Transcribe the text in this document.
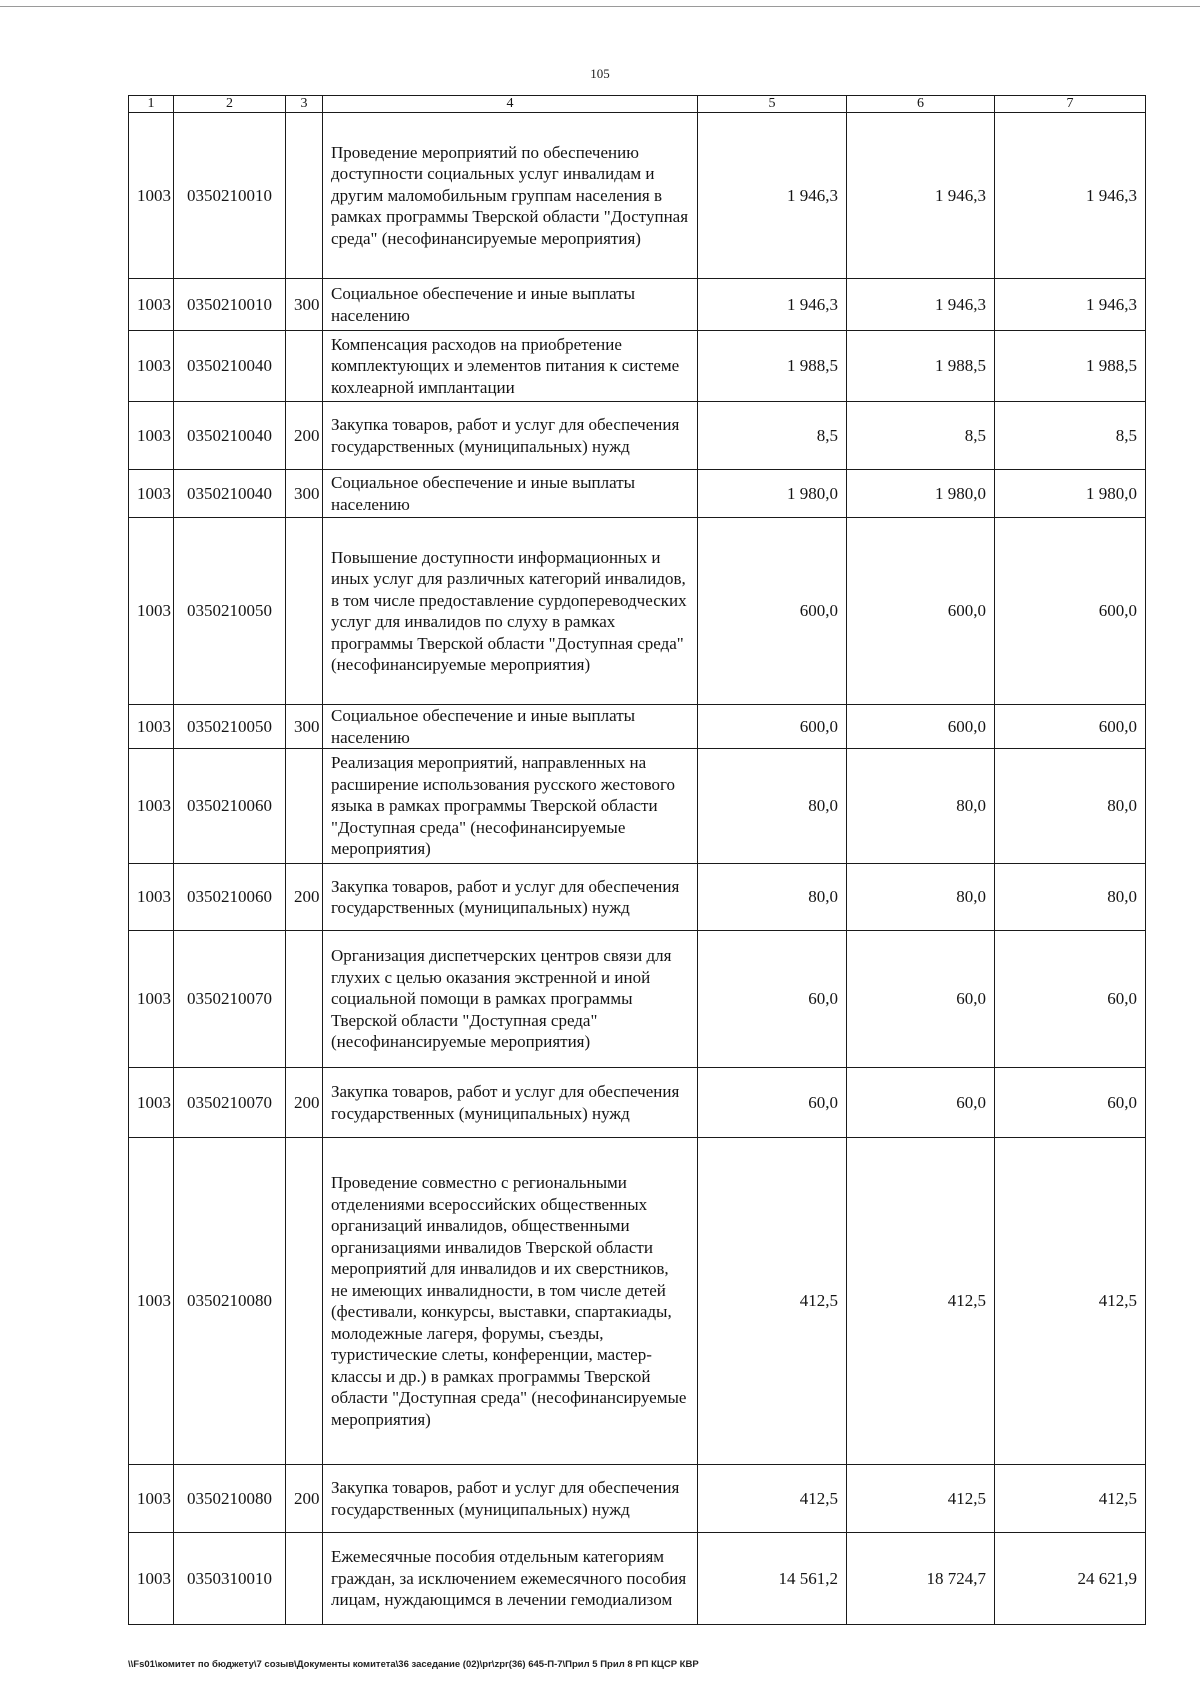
105
1	2	3	4	5	6	7
1003	0350210010		Проведение мероприятий по обеспечению доступности социальных услуг инвалидам и другим маломобильным группам населения в рамках программы Тверской области "Доступная среда" (несофинансируемые мероприятия)	1 946,3	1 946,3	1 946,3
1003	0350210010	300	Социальное обеспечение и иные выплаты населению	1 946,3	1 946,3	1 946,3
1003	0350210040		Компенсация расходов на приобретение комплектующих и элементов питания к системе кохлеарной имплантации	1 988,5	1 988,5	1 988,5
1003	0350210040	200	Закупка товаров, работ и услуг для обеспечения государственных (муниципальных) нужд	8,5	8,5	8,5
1003	0350210040	300	Социальное обеспечение и иные выплаты населению	1 980,0	1 980,0	1 980,0
1003	0350210050		Повышение доступности информационных и иных услуг для различных категорий инвалидов, в том числе предоставление сурдопереводческих услуг для инвалидов по слуху в рамках программы Тверской области "Доступная среда" (несофинансируемые мероприятия)	600,0	600,0	600,0
1003	0350210050	300	Социальное обеспечение и иные выплаты населению	600,0	600,0	600,0
1003	0350210060		Реализация мероприятий, направленных на расширение использования русского жестового языка в рамках программы Тверской области "Доступная среда" (несофинансируемые мероприятия)	80,0	80,0	80,0
1003	0350210060	200	Закупка товаров, работ и услуг для обеспечения государственных (муниципальных) нужд	80,0	80,0	80,0
1003	0350210070		Организация диспетчерских центров связи для глухих с целью оказания экстренной и иной социальной помощи в рамках программы Тверской области "Доступная среда" (несофинансируемые мероприятия)	60,0	60,0	60,0
1003	0350210070	200	Закупка товаров, работ и услуг для обеспечения государственных (муниципальных) нужд	60,0	60,0	60,0
1003	0350210080		Проведение совместно с региональными отделениями всероссийских общественных организаций инвалидов, общественными организациями инвалидов Тверской области мероприятий для инвалидов и их сверстников, не имеющих инвалидности, в том числе детей (фестивали, конкурсы, выставки, спартакиады, молодежные лагеря, форумы, съезды, туристические слеты, конференции, мастер-классы и др.) в рамках программы Тверской области "Доступная среда" (несофинансируемые мероприятия)	412,5	412,5	412,5
1003	0350210080	200	Закупка товаров, работ и услуг для обеспечения государственных (муниципальных) нужд	412,5	412,5	412,5
1003	0350310010		Ежемесячные пособия отдельным категориям граждан, за исключением ежемесячного пособия лицам, нуждающимся в лечении гемодиализом	14 561,2	18 724,7	24 621,9
\\Fs01\комитет по бюджету\7 созыв\Документы комитета\36 заседание (02)\pr\zpr(36) 645-П-7\Прил 5 Прил 8 РП КЦСР КВР
